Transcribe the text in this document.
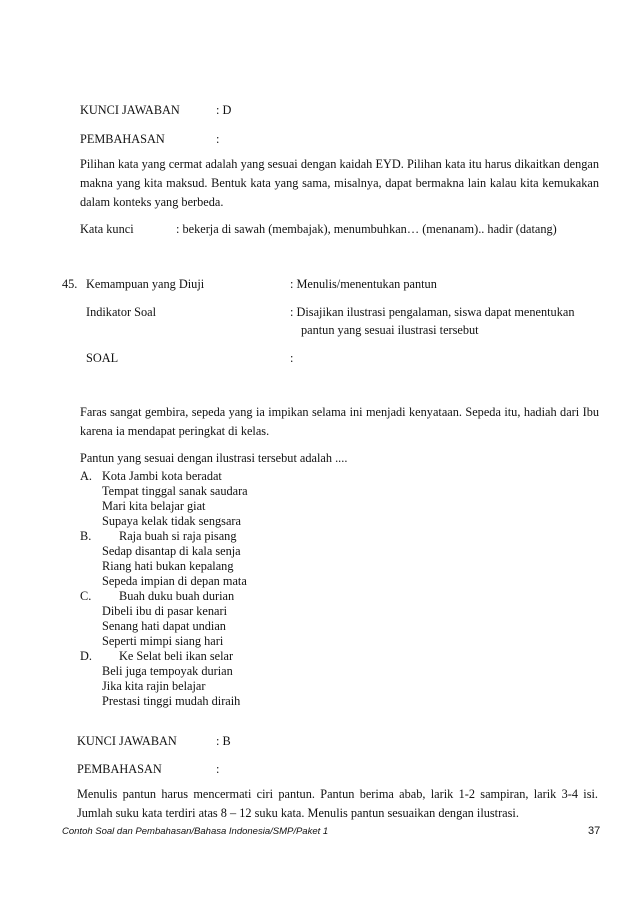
KUNCI JAWABAN	: D
PEMBAHASAN	:
Pilihan kata yang cermat adalah yang sesuai dengan kaidah EYD. Pilihan kata itu harus dikaitkan dengan makna yang kita maksud. Bentuk kata yang sama, misalnya, dapat bermakna lain kalau kita kemukakan dalam konteks yang berbeda.
Kata kunci	: bekerja di sawah (membajak), menumbuhkan… (menanam).. hadir (datang)
45. Kemampuan yang Diuji	: Menulis/menentukan pantun
Indikator Soal	: Disajikan ilustrasi pengalaman, siswa dapat menentukan
pantun yang sesuai ilustrasi tersebut
SOAL	:
Faras sangat gembira, sepeda yang ia impikan selama ini menjadi kenyataan. Sepeda itu, hadiah dari Ibu karena ia mendapat peringkat di kelas.
Pantun yang sesuai dengan ilustrasi tersebut adalah ....
A. Kota Jambi kota beradat
Tempat tinggal sanak saudara
Mari kita belajar giat
Supaya kelak tidak sengsara
B. Raja buah si raja pisang
Sedap disantap di kala senja
Riang hati bukan kepalang
Sepeda impian di depan mata
C. Buah duku buah durian
Dibeli ibu di pasar kenari
Senang hati dapat undian
Seperti mimpi siang hari
D. Ke Selat beli ikan selar
Beli juga tempoyak durian
Jika kita rajin belajar
Prestasi tinggi mudah diraih
KUNCI JAWABAN	: B
PEMBAHASAN	:
Menulis pantun harus mencermati ciri pantun. Pantun berima abab, larik 1-2 sampiran, larik 3-4 isi. Jumlah suku kata terdiri atas 8 – 12 suku kata. Menulis pantun sesuaikan dengan ilustrasi.
Contoh Soal dan Pembahasan/Bahasa Indonesia/SMP/Paket 1	37
